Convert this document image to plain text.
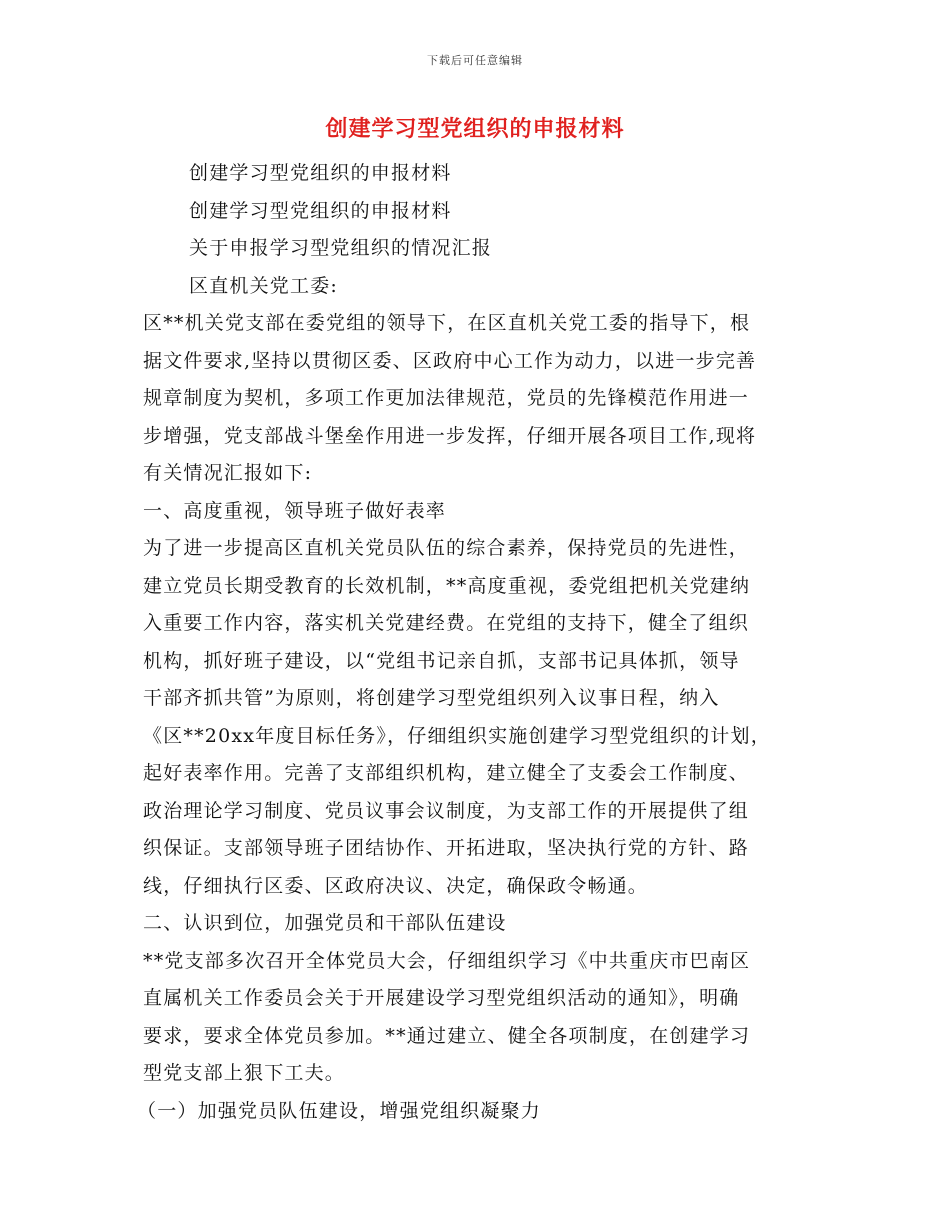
下载后可任意编辑
创建学习型党组织的申报材料
创建学习型党组织的申报材料
创建学习型党组织的申报材料
关于申报学习型党组织的情况汇报
区直机关党工委:
区**机关党支部在委党组的领导下，在区直机关党工委的指导下，根
据文件要求,坚持以贯彻区委、区政府中心工作为动力，以进一步完善
规章制度为契机，多项工作更加法律规范，党员的先锋模范作用进一
步增强，党支部战斗堡垒作用进一步发挥，仔细开展各项目工作,现将
有关情况汇报如下:
一、高度重视，领导班子做好表率
为了进一步提高区直机关党员队伍的综合素养，保持党员的先进性，
建立党员长期受教育的长效机制，**高度重视，委党组把机关党建纳
入重要工作内容，落实机关党建经费。在党组的支持下，健全了组织
机构，抓好班子建设，以“党组书记亲自抓，支部书记具体抓，领导
干部齐抓共管”为原则，将创建学习型党组织列入议事日程，纳入
《区**20xx年度目标任务》，仔细组织实施创建学习型党组织的计划，
起好表率作用。完善了支部组织机构，建立健全了支委会工作制度、
政治理论学习制度、党员议事会议制度，为支部工作的开展提供了组
织保证。支部领导班子团结协作、开拓进取，坚决执行党的方针、路
线，仔细执行区委、区政府决议、决定，确保政令畅通。
二、认识到位，加强党员和干部队伍建设
**党支部多次召开全体党员大会，仔细组织学习《中共重庆市巴南区
直属机关工作委员会关于开展建设学习型党组织活动的通知》，明确
要求，要求全体党员参加。**通过建立、健全各项制度，在创建学习
型党支部上狠下工夫。
（一）加强党员队伍建设，增强党组织凝聚力
